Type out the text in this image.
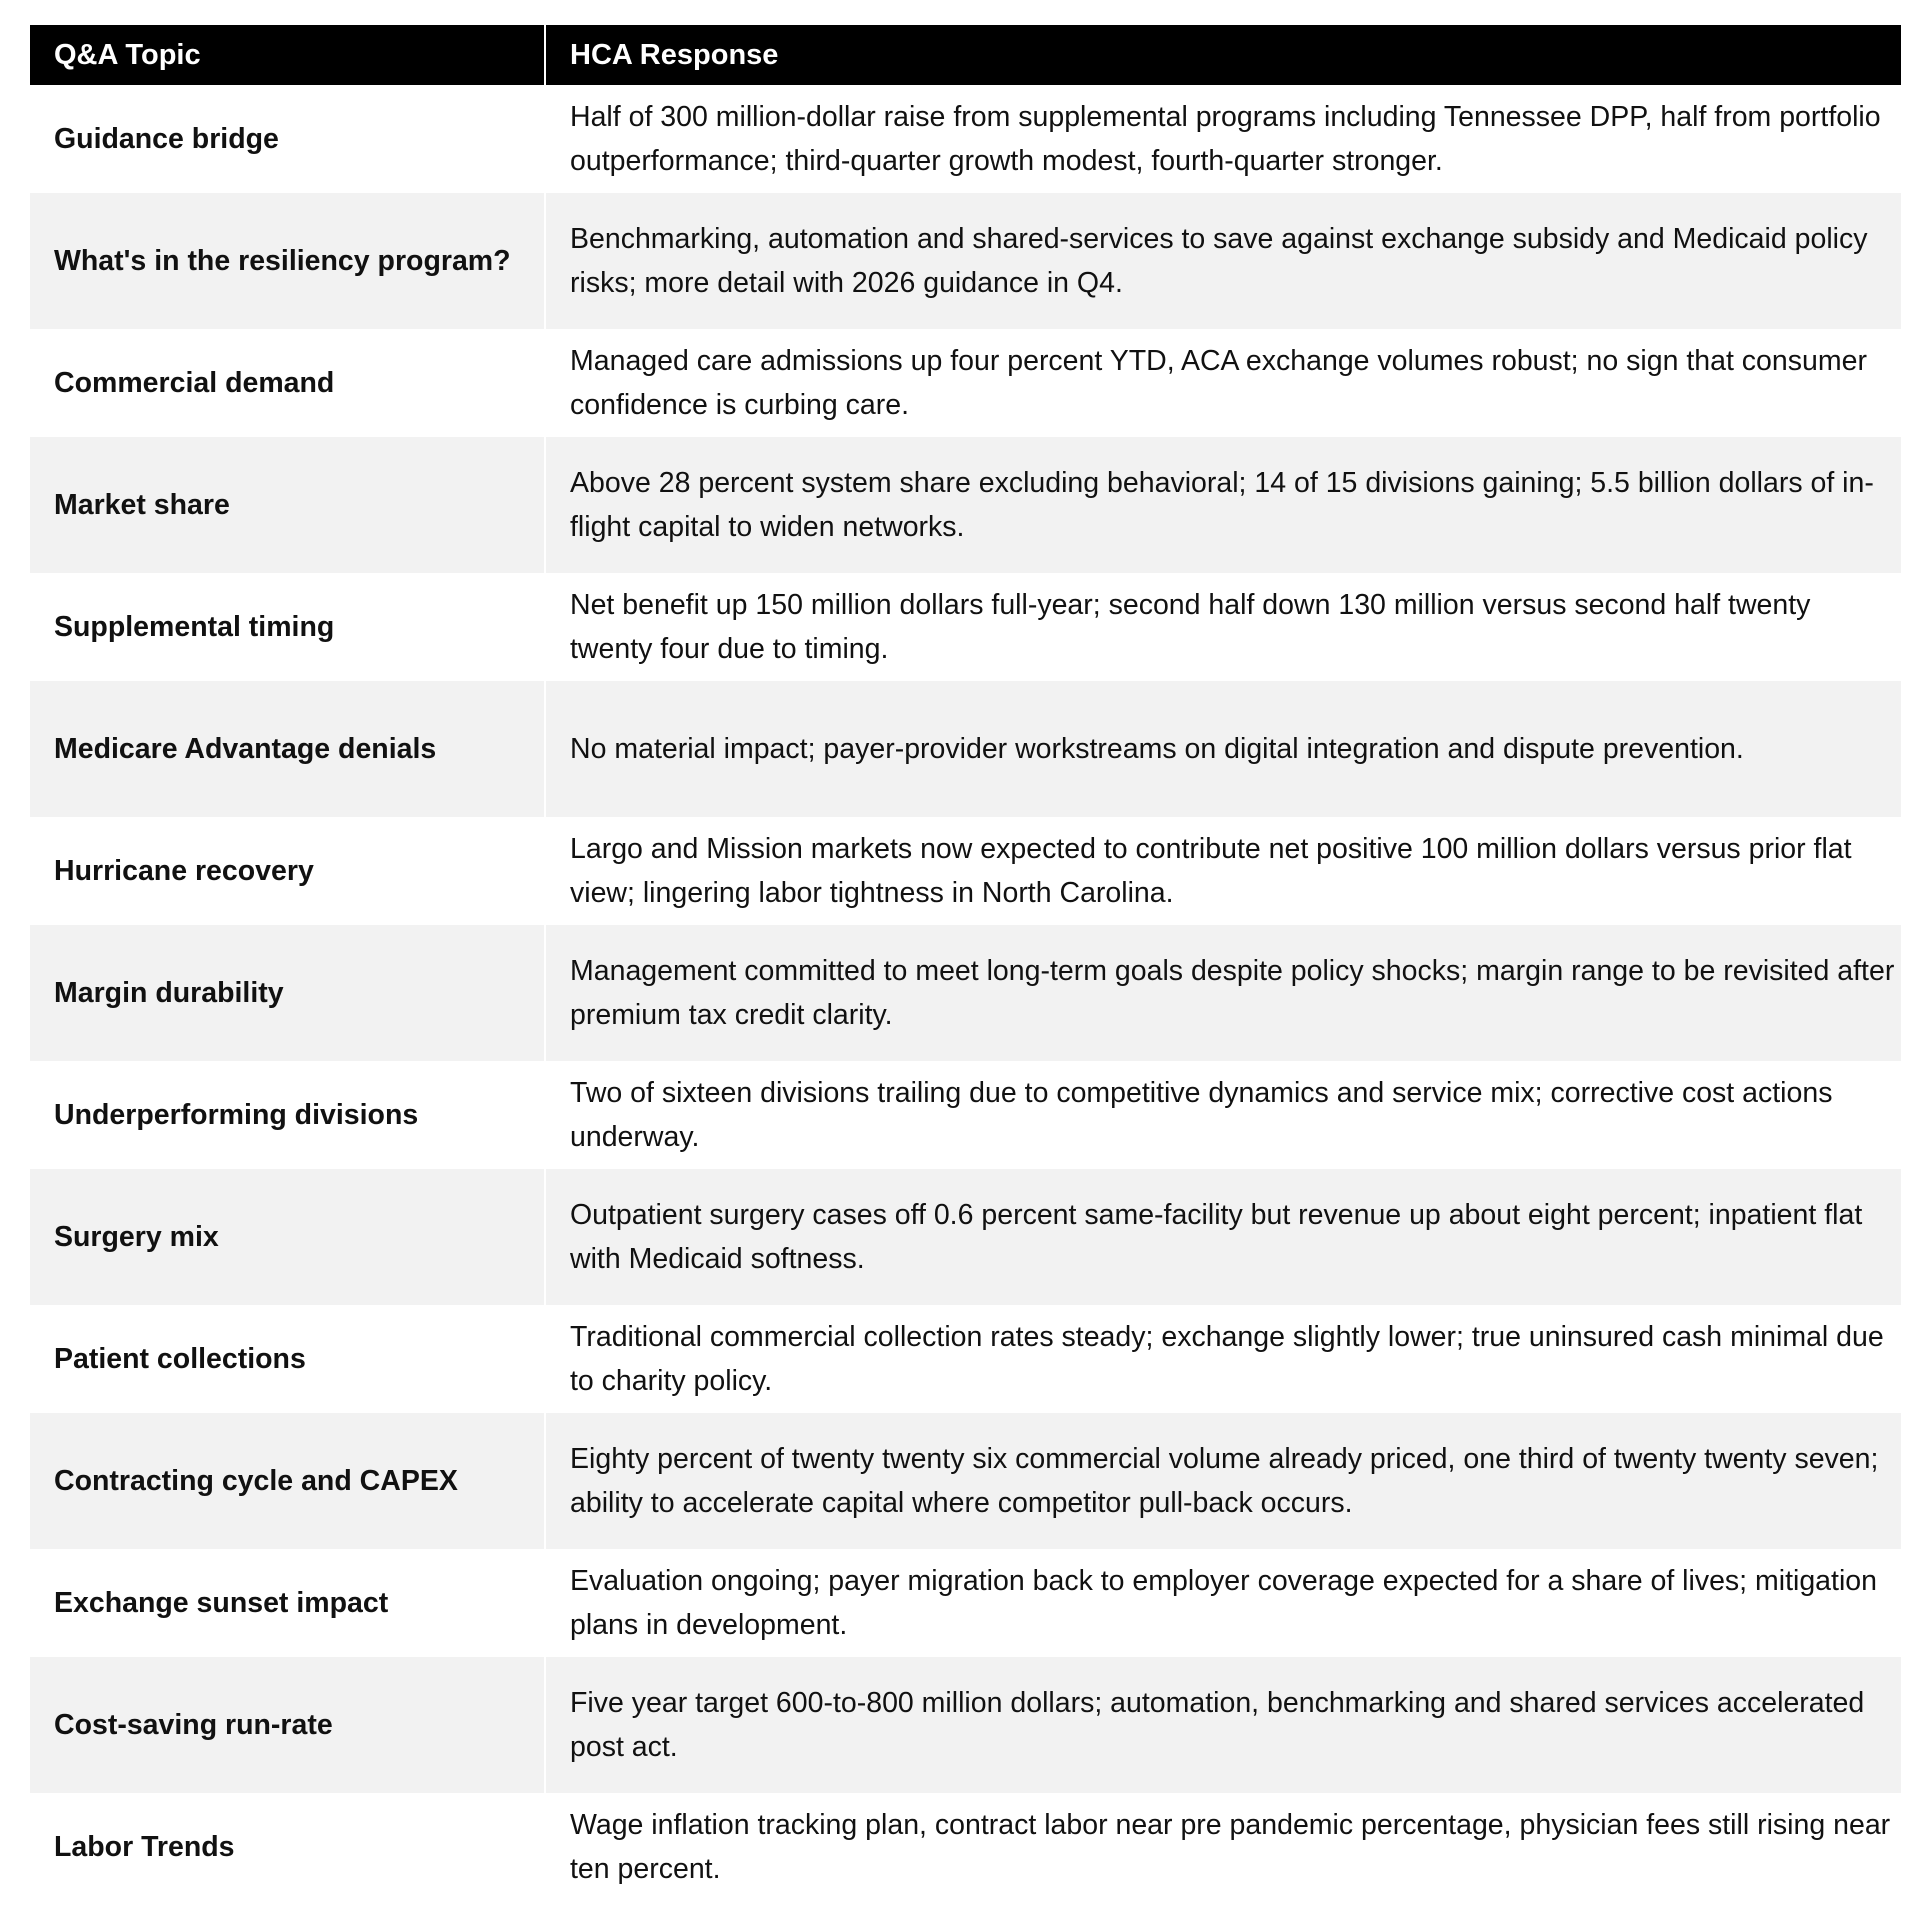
Q&A Topic	HCA Response
Guidance bridge	Half of 300 million-dollar raise from supplemental programs including Tennessee DPP, half from portfolio outperformance; third-quarter growth modest, fourth-quarter stronger.
What's in the resiliency program?	Benchmarking, automation and shared-services to save against exchange subsidy and Medicaid policy risks; more detail with 2026 guidance in Q4.
Commercial demand	Managed care admissions up four percent YTD, ACA exchange volumes robust; no sign that consumer confidence is curbing care.
Market share	Above 28 percent system share excluding behavioral; 14 of 15 divisions gaining; 5.5 billion dollars of in-flight capital to widen networks.
Supplemental timing	Net benefit up 150 million dollars full-year; second half down 130 million versus second half twenty twenty four due to timing.
Medicare Advantage denials	No material impact; payer-provider workstreams on digital integration and dispute prevention.
Hurricane recovery	Largo and Mission markets now expected to contribute net positive 100 million dollars versus prior flat view; lingering labor tightness in North Carolina.
Margin durability	Management committed to meet long-term goals despite policy shocks; margin range to be revisited after premium tax credit clarity.
Underperforming divisions	Two of sixteen divisions trailing due to competitive dynamics and service mix; corrective cost actions underway.
Surgery mix	Outpatient surgery cases off 0.6 percent same-facility but revenue up about eight percent; inpatient flat with Medicaid softness.
Patient collections	Traditional commercial collection rates steady; exchange slightly lower; true uninsured cash minimal due to charity policy.
Contracting cycle and CAPEX	Eighty percent of twenty twenty six commercial volume already priced, one third of twenty twenty seven; ability to accelerate capital where competitor pull-back occurs.
Exchange sunset impact	Evaluation ongoing; payer migration back to employer coverage expected for a share of lives; mitigation plans in development.
Cost-saving run-rate	Five year target 600-to-800 million dollars; automation, benchmarking and shared services accelerated post act.
Labor Trends	Wage inflation tracking plan, contract labor near pre pandemic percentage, physician fees still rising near ten percent.
